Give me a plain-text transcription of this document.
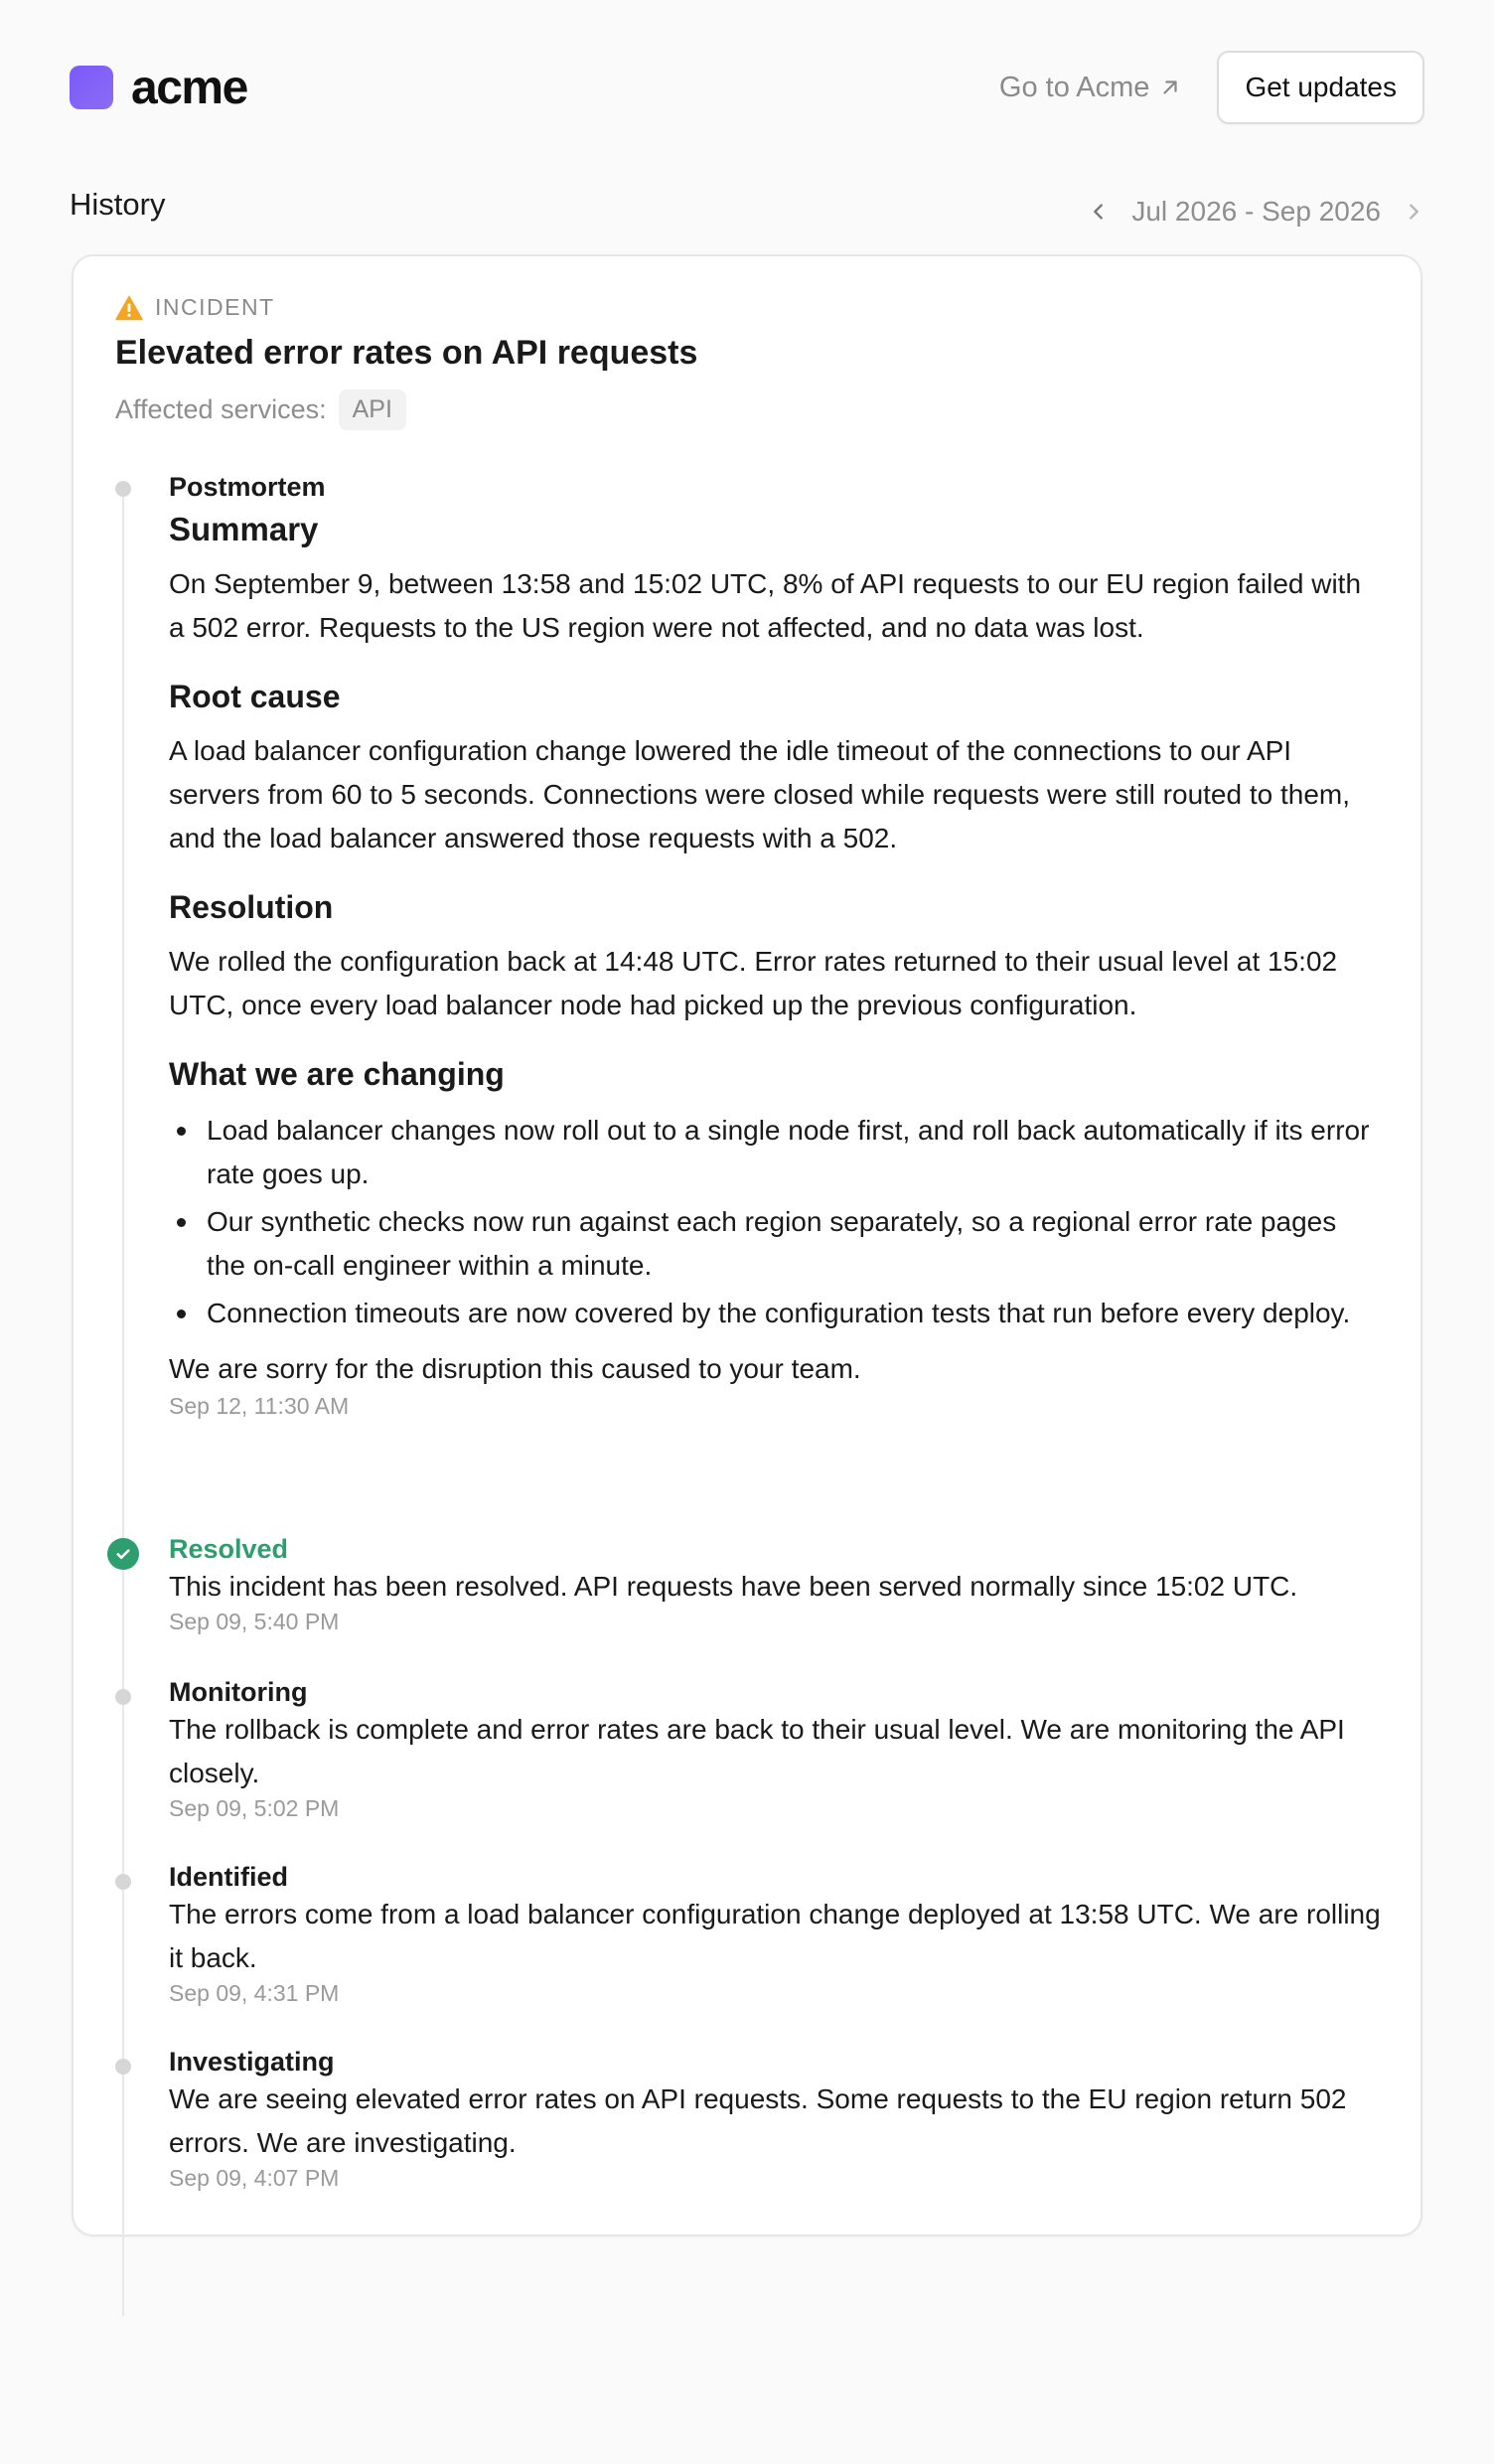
acme	Go to Acme	Get updates
History	Jul 2026 - Sep 2026
INCIDENT
Elevated error rates on API requests
Affected services:	API
Postmortem
Summary
On September 9, between 13:58 and 15:02 UTC, 8% of API requests to our EU region failed with a 502 error. Requests to the US region were not affected, and no data was lost.
Root cause
A load balancer configuration change lowered the idle timeout of the connections to our API servers from 60 to 5 seconds. Connections were closed while requests were still routed to them, and the load balancer answered those requests with a 502.
Resolution
We rolled the configuration back at 14:48 UTC. Error rates returned to their usual level at 15:02 UTC, once every load balancer node had picked up the previous configuration.
What we are changing
Load balancer changes now roll out to a single node first, and roll back automatically if its error rate goes up.
Our synthetic checks now run against each region separately, so a regional error rate pages the on-call engineer within a minute.
Connection timeouts are now covered by the configuration tests that run before every deploy.
We are sorry for the disruption this caused to your team.
Sep 12, 11:30 AM
Resolved
This incident has been resolved. API requests have been served normally since 15:02 UTC.
Sep 09, 5:40 PM
Monitoring
The rollback is complete and error rates are back to their usual level. We are monitoring the API closely.
Sep 09, 5:02 PM
Identified
The errors come from a load balancer configuration change deployed at 13:58 UTC. We are rolling it back.
Sep 09, 4:31 PM
Investigating
We are seeing elevated error rates on API requests. Some requests to the EU region return 502 errors. We are investigating.
Sep 09, 4:07 PM
